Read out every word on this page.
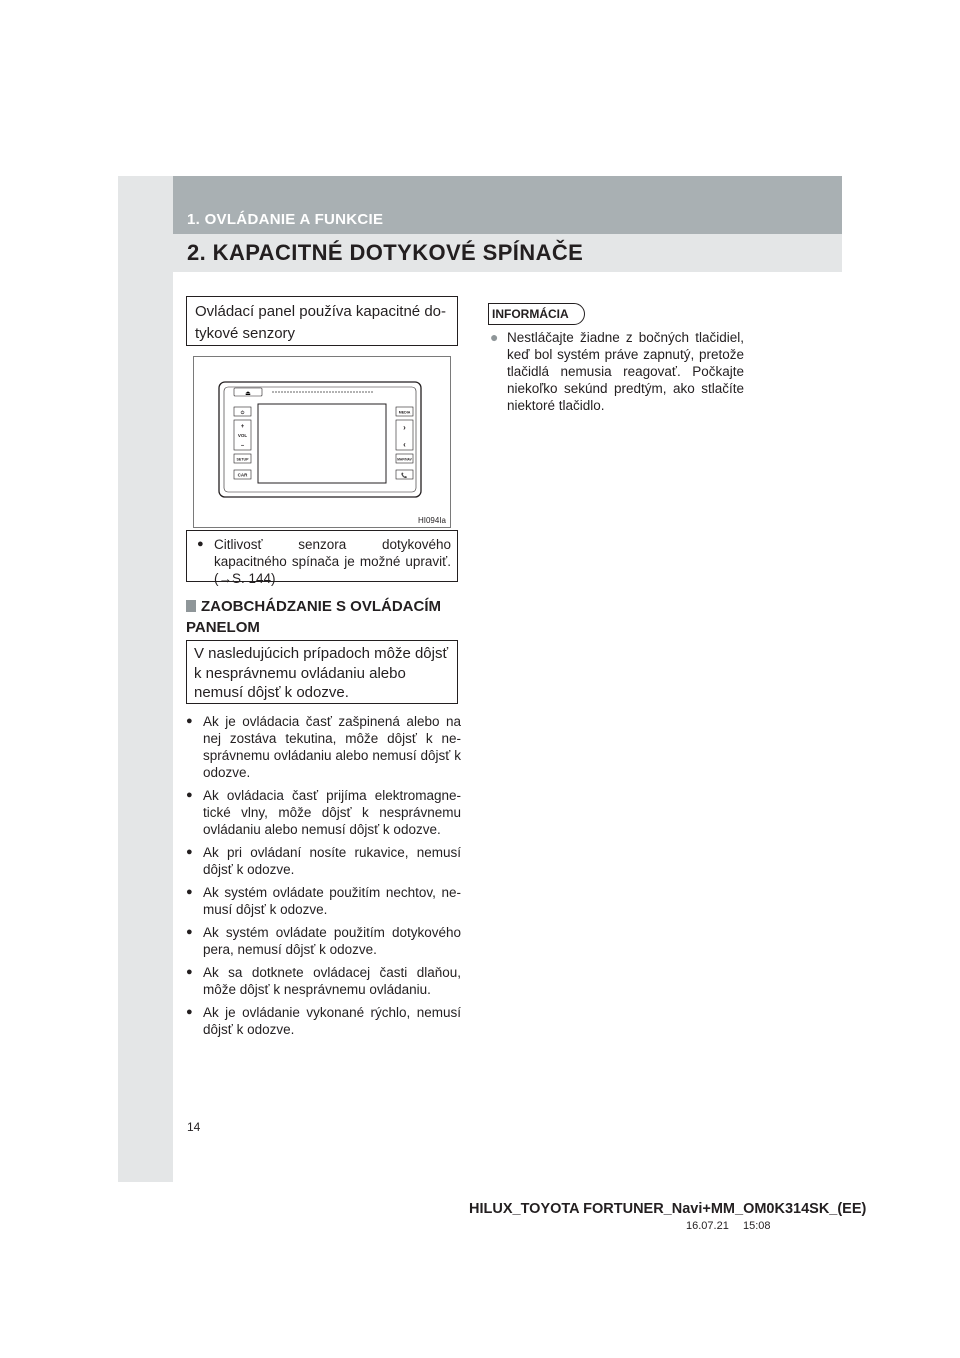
1. OVLÁDANIE A FUNKCIE
2. KAPACITNÉ DOTYKOVÉ SPÍNAČE
Ovládací panel používa kapacitné dotykové senzory
⏏
⏻
+
VOL
–
SETUP
CAR
MEDIA
›
‹
MAP/NAV
📞
HI094Ia
● Citlivosť senzora dotykového kapacitného spínača je možné upraviť. (→S. 144)
ZAOBCHÁDZANIE S OVLÁDACÍM PANELOM
V nasledujúcich prípadoch môže dôjsť k nesprávnemu ovládaniu alebo nemusí dôjsť k odozve.
● Ak je ovládacia časť zašpinená alebo na nej zostáva tekutina, môže dôjsť k nesprávnemu ovládaniu alebo nemusí dôjsť k odozve.
● Ak ovládacia časť prijíma elektromagnetické vlny, môže dôjsť k nesprávnemu ovládaniu alebo nemusí dôjsť k odozve.
● Ak pri ovládaní nosíte rukavice, nemusí dôjsť k odozve.
● Ak systém ovládate použitím nechtov, nemusí dôjsť k odozve.
● Ak systém ovládate použitím dotykového pera, nemusí dôjsť k odozve.
● Ak sa dotknete ovládacej časti dlaňou, môže dôjsť k nesprávnemu ovládaniu.
● Ak je ovládanie vykonané rýchlo, nemusí dôjsť k odozve.
INFORMÁCIA
● Nestláčajte žiadne z bočných tlačidiel, keď bol systém práve zapnutý, pretože tlačidlá nemusia reagovať. Počkajte niekoľko sekúnd predtým, ako stlačíte niektoré tlačidlo.
14
HILUX_TOYOTA FORTUNER_Navi+MM_OM0K314SK_(EE)
16.07.21 15:08
